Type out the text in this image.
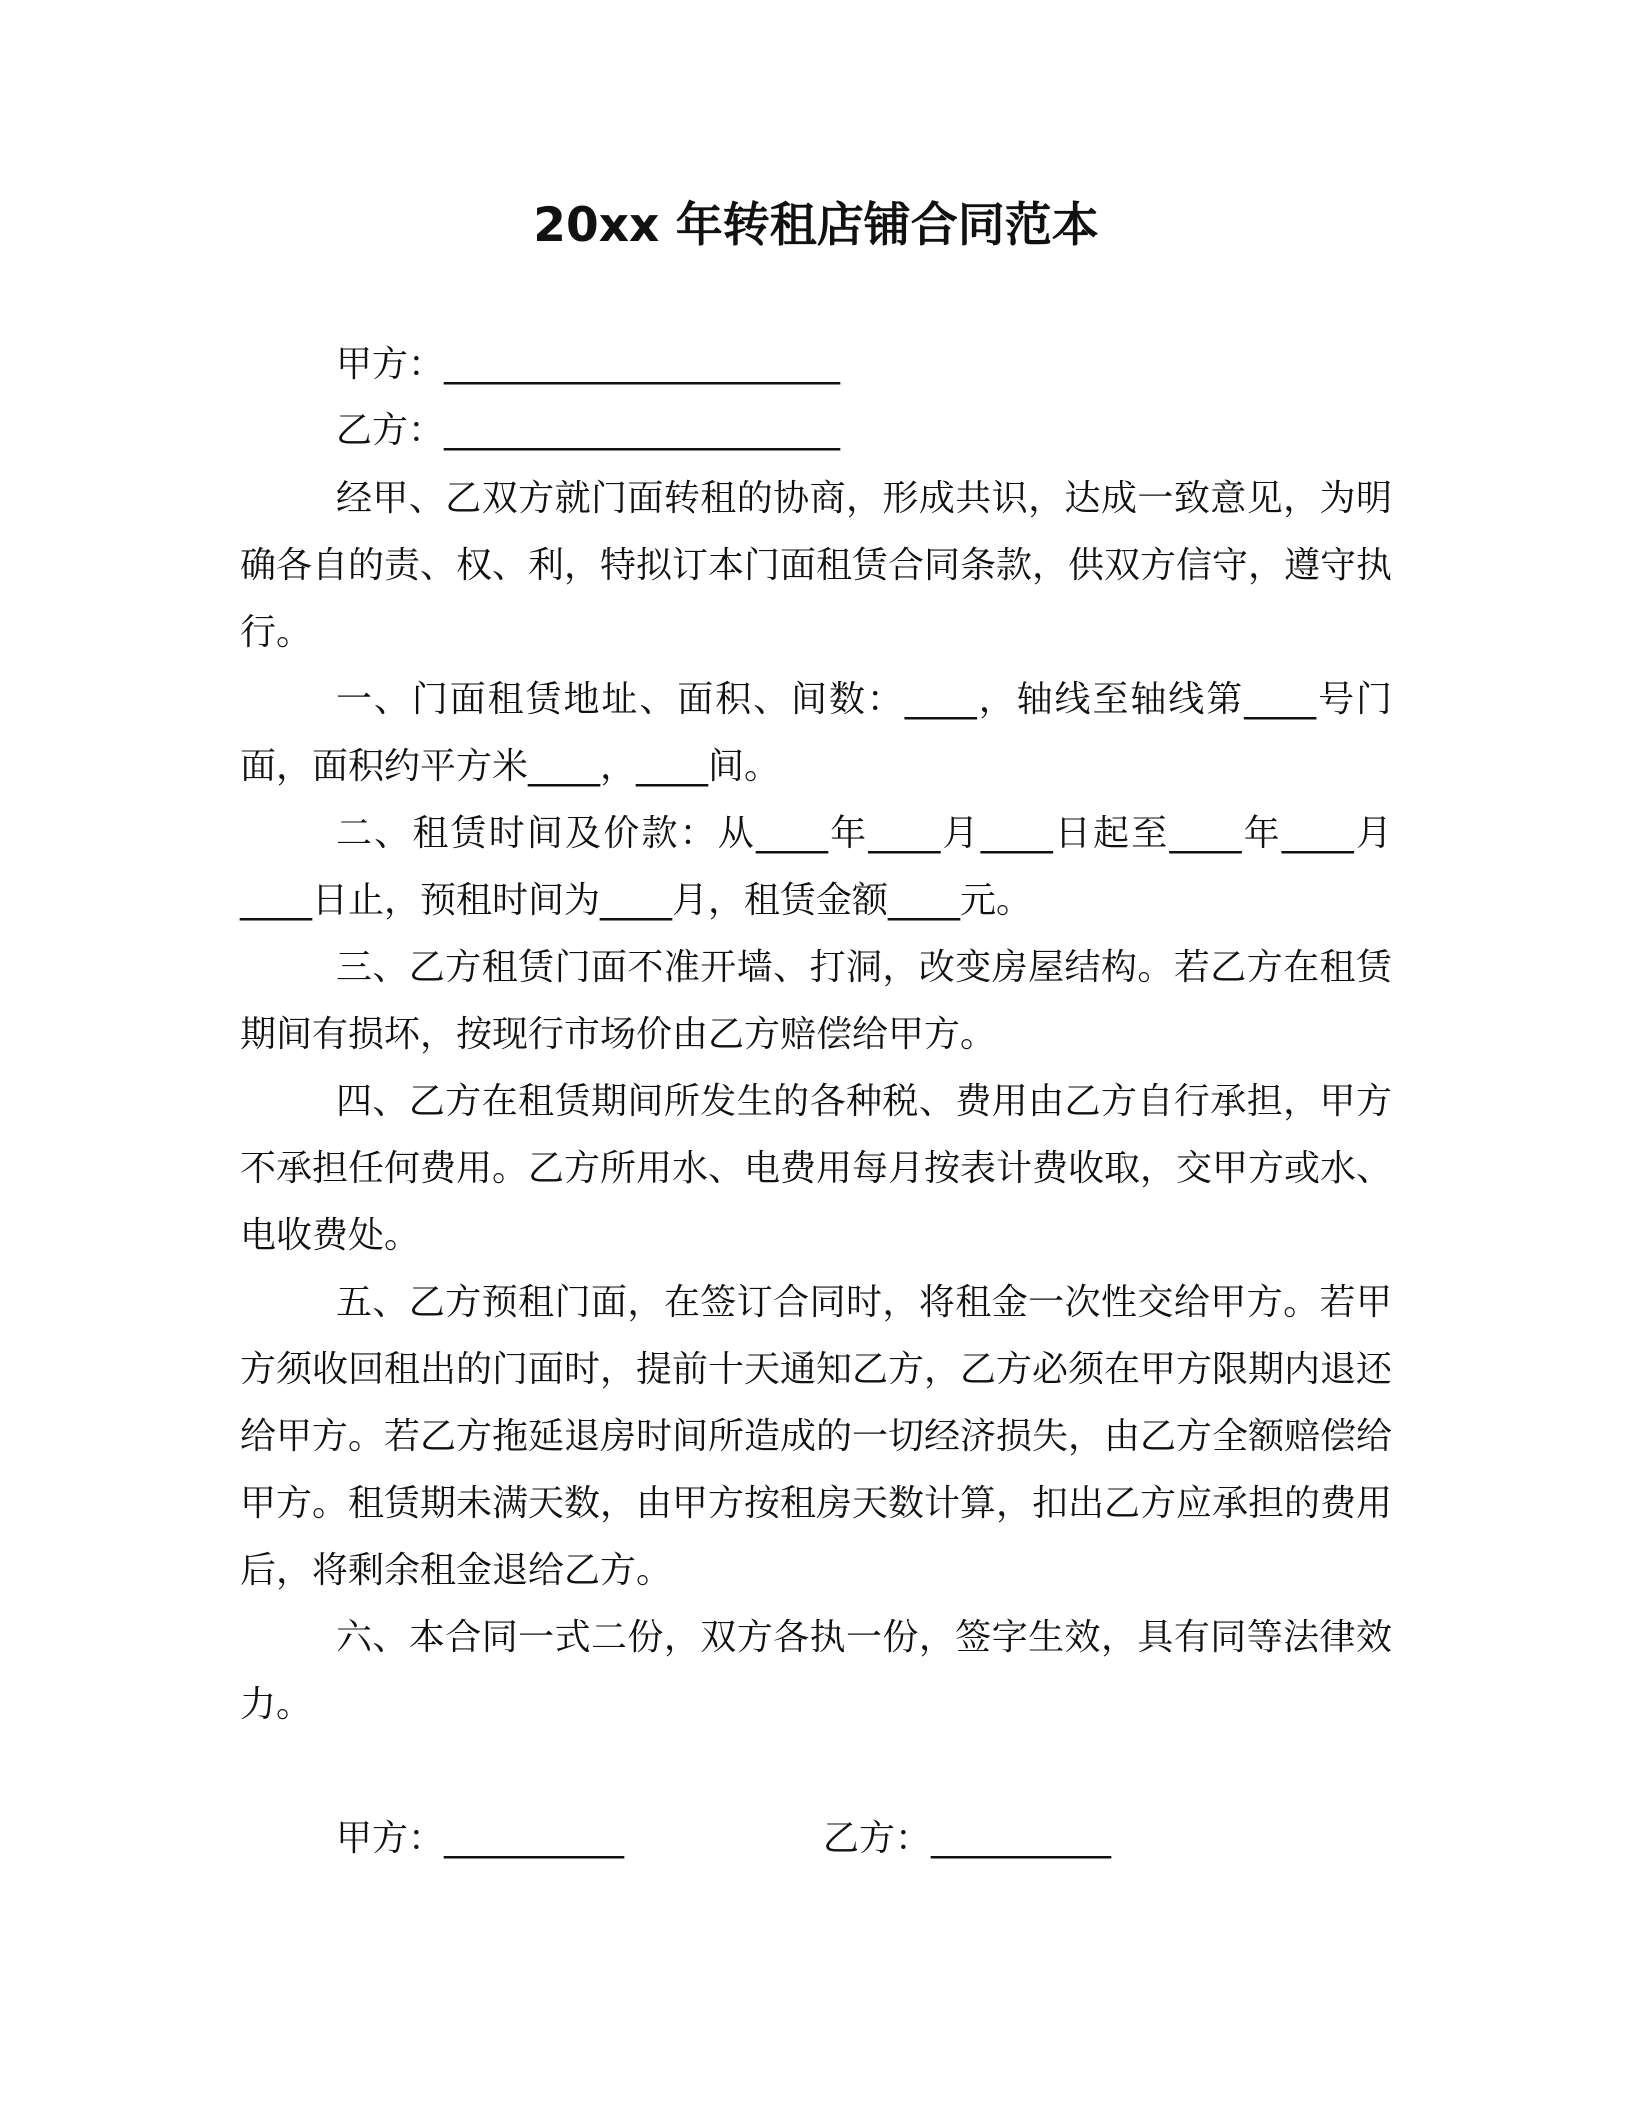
20xx 年转租店铺合同范本
甲方：______________________
乙方：______________________

经甲、乙双方就门面转租的协商，形成共识，达成一致意见，为明确各自的责、权、利，特拟订本门面租赁合同条款，供双方信守，遵守执行。

一、门面租赁地址、面积、间数：____，轴线至轴线第____号门面，面积约平方米____，____间。

二、租赁时间及价款：从____年____月____日起至____年____月____日止，预租时间为____月，租赁金额____元。

三、乙方租赁门面不准开墙、打洞，改变房屋结构。若乙方在租赁期间有损坏，按现行市场价由乙方赔偿给甲方。

四、乙方在租赁期间所发生的各种税、费用由乙方自行承担，甲方不承担任何费用。乙方所用水、电费用每月按表计费收取，交甲方或水、电收费处。

五、乙方预租门面，在签订合同时，将租金一次性交给甲方。若甲方须收回租出的门面时，提前十天通知乙方，乙方必须在甲方限期内退还给甲方。若乙方拖延退房时间所造成的一切经济损失，由乙方全额赔偿给甲方。租赁期未满天数，由甲方按租房天数计算，扣出乙方应承担的费用后，将剩余租金退给乙方。

六、本合同一式二份，双方各执一份，签字生效，具有同等法律效力。

甲方：__________	乙方：__________
